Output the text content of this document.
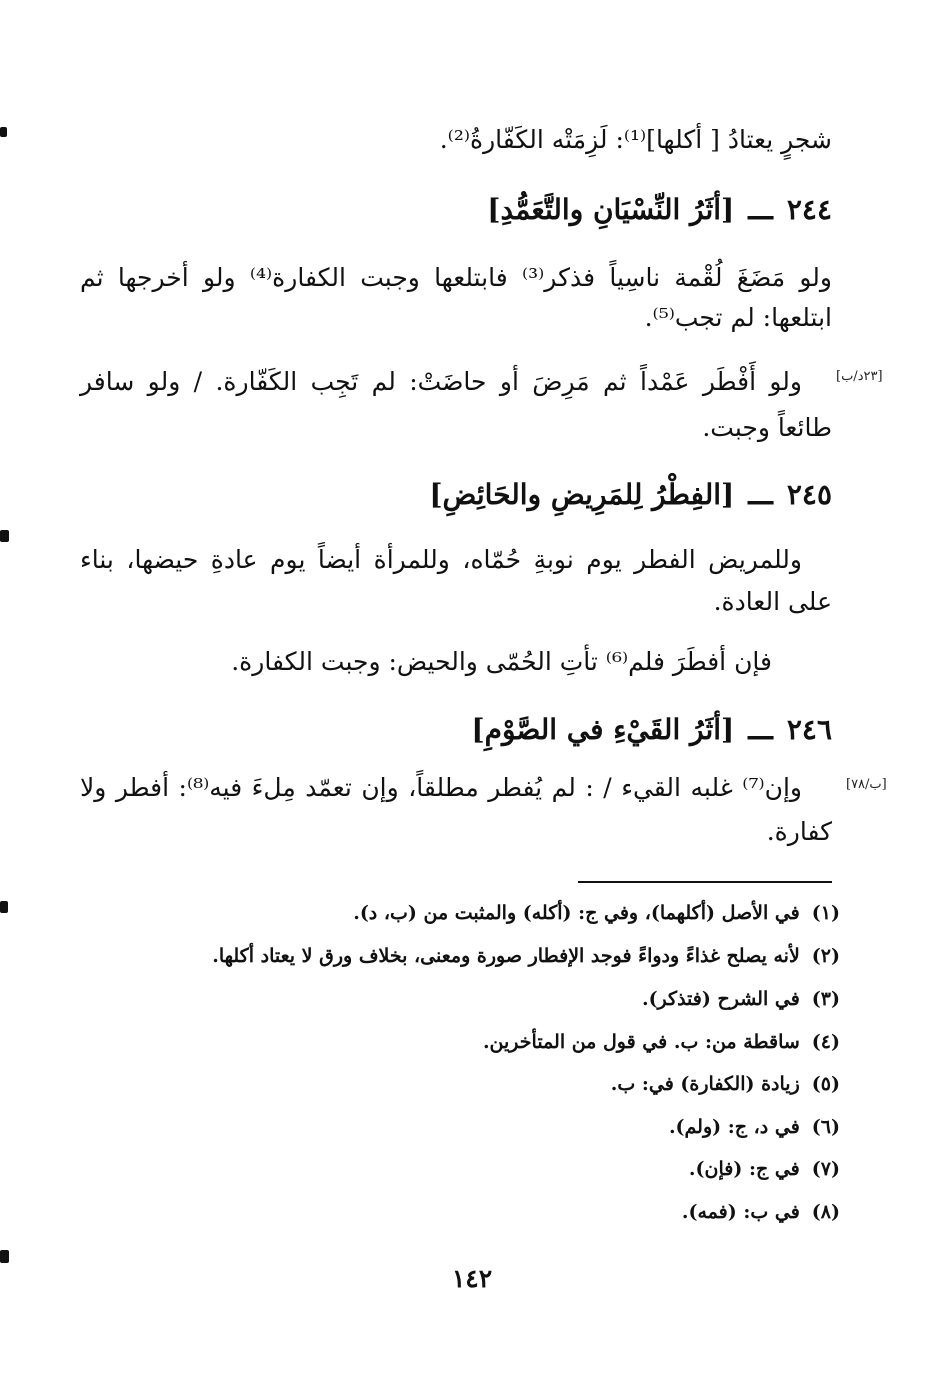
شجرٍ يعتادُ [ أكلها]⁽¹⁾: لَزِمَتْه الكَفّارةُ⁽²⁾.
٢٤٤ـــ[أثَرُ النِّسْيَانِ والتَّعَمُّدِ]
ولو مَضَغَ لُقْمة ناسِياً فذكر⁽³⁾ فابتلعها وجبت الكفارة⁽⁴⁾ ولو أخرجها ثم
ابتلعها: لم تجب⁽⁵⁾.
[٢٣د/ب]
ولو أَفْطَر عَمْداً ثم مَرِضَ أو حاضَتْ: لم تَجِب الكَفّارة. / ولو سافر
طائعاً وجبت.
٢٤٥ـــ[الفِطْرُ لِلمَرِيضِ والحَائِضِ]
وللمريض الفطر يوم نوبةِ حُمّاه، وللمرأة أيضاً يوم عادةِ حيضها، بناء
على العادة.
فإن أفطَرَ فلم⁽⁶⁾ تأتِ الحُمّى والحيض: وجبت الكفارة.
٢٤٦ـــ[أثَرُ القَيْءِ في الصَّوْمِ]
[ب/٧٨]
وإن⁽⁷⁾ غلبه القيء / : لم يُفطر مطلقاً، وإن تعمّد مِلءَ فيه⁽⁸⁾: أفطر ولا
كفارة.
(١)في الأصل (أكلهما)، وفي ج: (أكله) والمثبت من (ب، د).
(٢)لأنه يصلح غذاءً ودواءً فوجد الإفطار صورة ومعنى، بخلاف ورق لا يعتاد أكلها.
(٣)في الشرح (فتذكر).
(٤)ساقطة من: ب. في قول من المتأخرين.
(٥)زيادة (الكفارة) في: ب.
(٦)في د، ج: (ولم).
(٧)في ج: (فإن).
(٨)في ب: (فمه).
١٤٢
